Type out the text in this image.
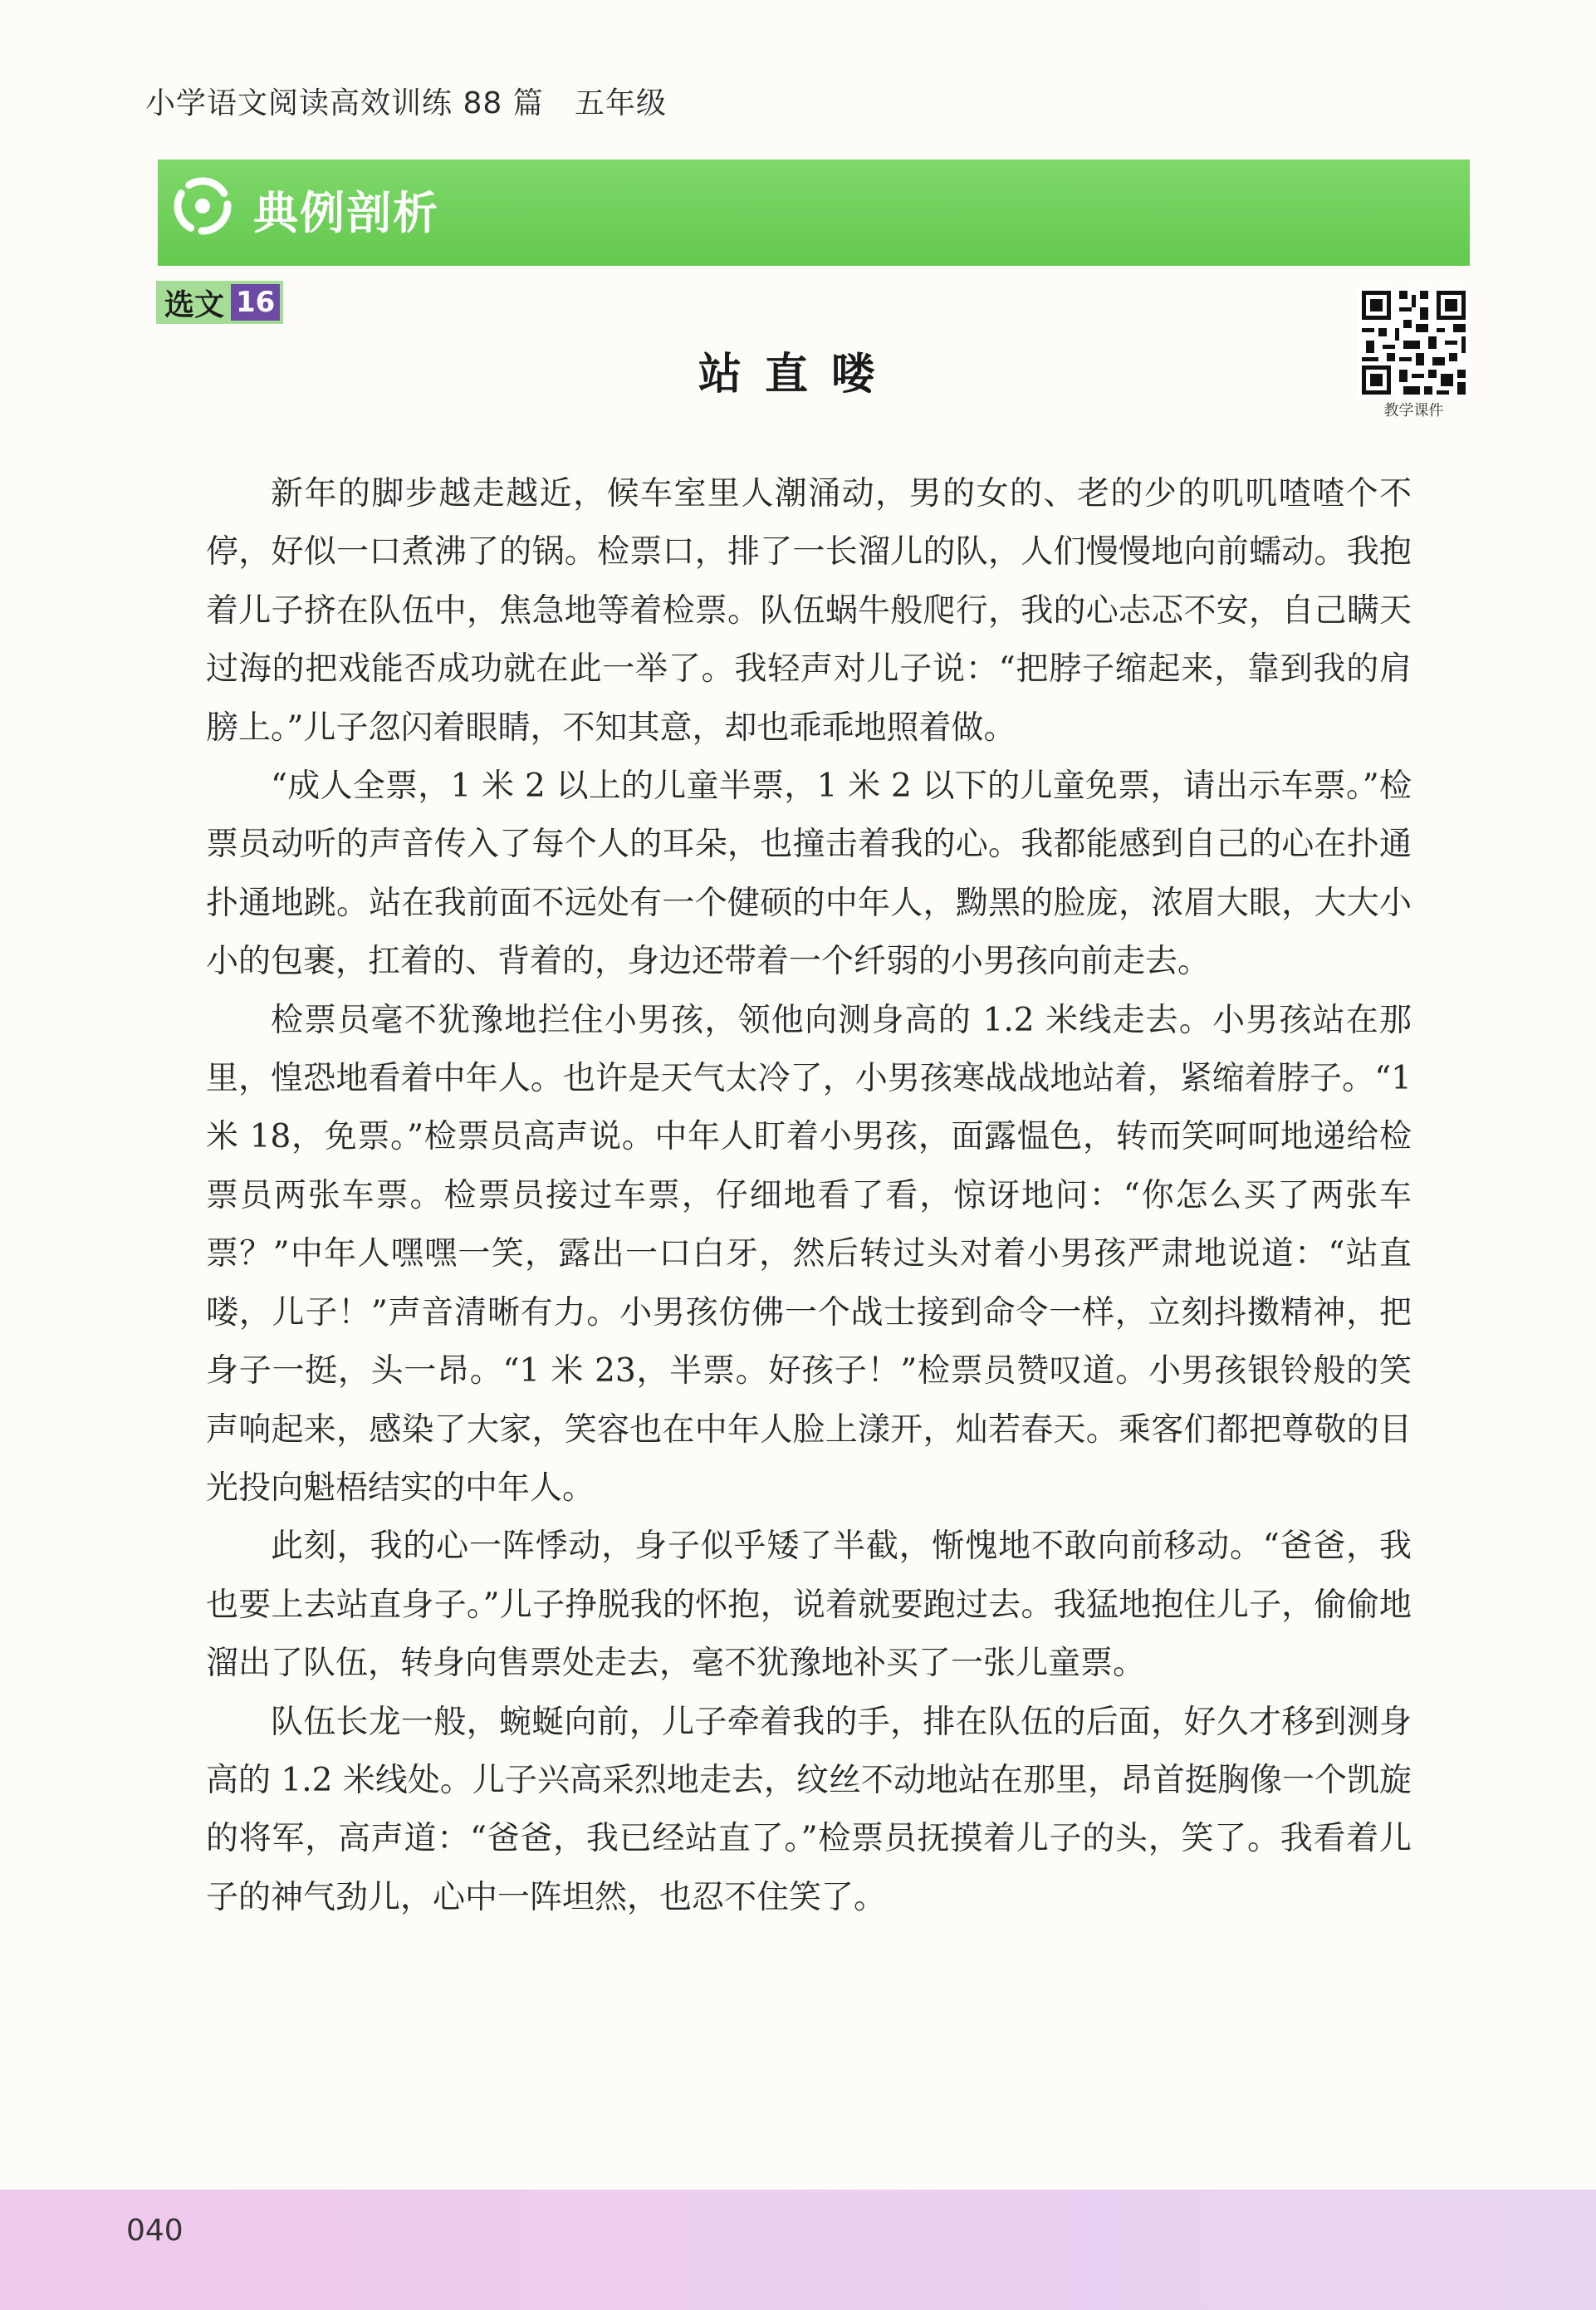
小学语文阅读高效训练 88 篇   五年级
典例剖析
选文 16
教学课件
站直喽

新年的脚步越走越近，候车室里人潮涌动，男的女的、老的少的叽叽喳喳个不停，好似一口煮沸了的锅。检票口，排了一长溜儿的队，人们慢慢地向前蠕动。我抱着儿子挤在队伍中，焦急地等着检票。队伍蜗牛般爬行，我的心忐忑不安，自己瞒天过海的把戏能否成功就在此一举了。我轻声对儿子说：“把脖子缩起来，靠到我的肩膀上。”儿子忽闪着眼睛，不知其意，却也乖乖地照着做。

“成人全票，1 米 2 以上的儿童半票，1 米 2 以下的儿童免票，请出示车票。”检票员动听的声音传入了每个人的耳朵，也撞击着我的心。我都能感到自己的心在扑通扑通地跳。站在我前面不远处有一个健硕的中年人，黝黑的脸庞，浓眉大眼，大大小小的包裹，扛着的、背着的，身边还带着一个纤弱的小男孩向前走去。

检票员毫不犹豫地拦住小男孩，领他向测身高的 1.2 米线走去。小男孩站在那里，惶恐地看着中年人。也许是天气太冷了，小男孩寒战战地站着，紧缩着脖子。“1 米 18，免票。”检票员高声说。中年人盯着小男孩，面露愠色，转而笑呵呵地递给检票员两张车票。检票员接过车票，仔细地看了看，惊讶地问：“你怎么买了两张车票？”中年人嘿嘿一笑，露出一口白牙，然后转过头对着小男孩严肃地说道：“站直喽，儿子！”声音清晰有力。小男孩仿佛一个战士接到命令一样，立刻抖擞精神，把身子一挺，头一昂。“1 米 23，半票。好孩子！”检票员赞叹道。小男孩银铃般的笑声响起来，感染了大家，笑容也在中年人脸上漾开，灿若春天。乘客们都把尊敬的目光投向魁梧结实的中年人。

此刻，我的心一阵悸动，身子似乎矮了半截，惭愧地不敢向前移动。“爸爸，我也要上去站直身子。”儿子挣脱我的怀抱，说着就要跑过去。我猛地抱住儿子，偷偷地溜出了队伍，转身向售票处走去，毫不犹豫地补买了一张儿童票。

队伍长龙一般，蜿蜒向前，儿子牵着我的手，排在队伍的后面，好久才移到测身高的 1.2 米线处。儿子兴高采烈地走去，纹丝不动地站在那里，昂首挺胸像一个凯旋的将军，高声道：“爸爸，我已经站直了。”检票员抚摸着儿子的头，笑了。我看着儿子的神气劲儿，心中一阵坦然，也忍不住笑了。

040
